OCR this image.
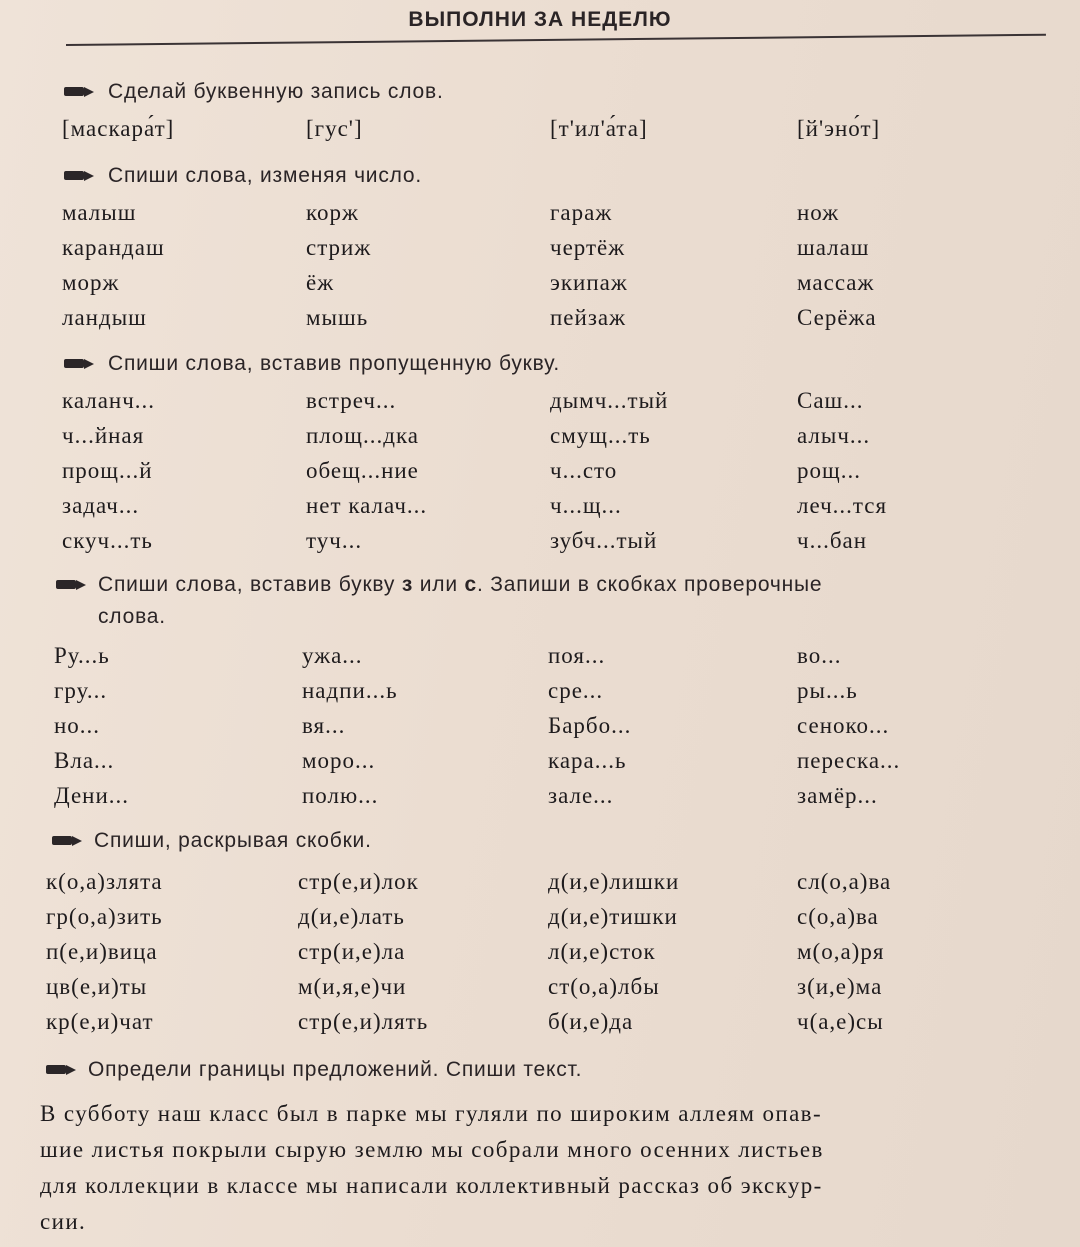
ВЫПОЛНИ ЗА НЕДЕЛЮ
Сделай буквенную запись слов.
[маскара́т]	[гус']	[т'ил'а́та]	[й'эно́т]
Спиши слова, изменяя число.
малыш	корж	гараж	нож
карандаш	стриж	чертёж	шалаш
морж	ёж	экипаж	массаж
ландыш	мышь	пейзаж	Серёжа
Спиши слова, вставив пропущенную букву.
каланч...	встреч...	дымч...тый	Саш...
ч...йная	площ...дка	смущ...ть	алыч...
прощ...й	обещ...ние	ч...сто	рощ...
задач...	нет калач...	ч...щ...	леч...тся
скуч...ть	туч...	зубч...тый	ч...бан
Спиши слова, вставив букву з или с. Запиши в скобках проверочные
слова.
Ру...ь	ужа...	поя...	во...
гру...	надпи...ь	сре...	ры...ь
но...	вя...	Барбо...	сеноко...
Вла...	моро...	кара...ь	переска...
Дени...	полю...	зале...	замёр...
Спиши, раскрывая скобки.
к(о,а)злята	стр(е,и)лок	д(и,е)лишки	сл(о,а)ва
гр(о,а)зить	д(и,е)лать	д(и,е)тишки	с(о,а)ва
п(е,и)вица	стр(и,е)ла	л(и,е)сток	м(о,а)ря
цв(е,и)ты	м(и,я,е)чи	ст(о,а)лбы	з(и,е)ма
кр(е,и)чат	стр(е,и)лять	б(и,е)да	ч(а,е)сы
Определи границы предложений. Спиши текст.
В субботу наш класс был в парке мы гуляли по широким аллеям опав-
шие листья покрыли сырую землю мы собрали много осенних листьев
для коллекции в классе мы написали коллективный рассказ об экскур-
сии.
